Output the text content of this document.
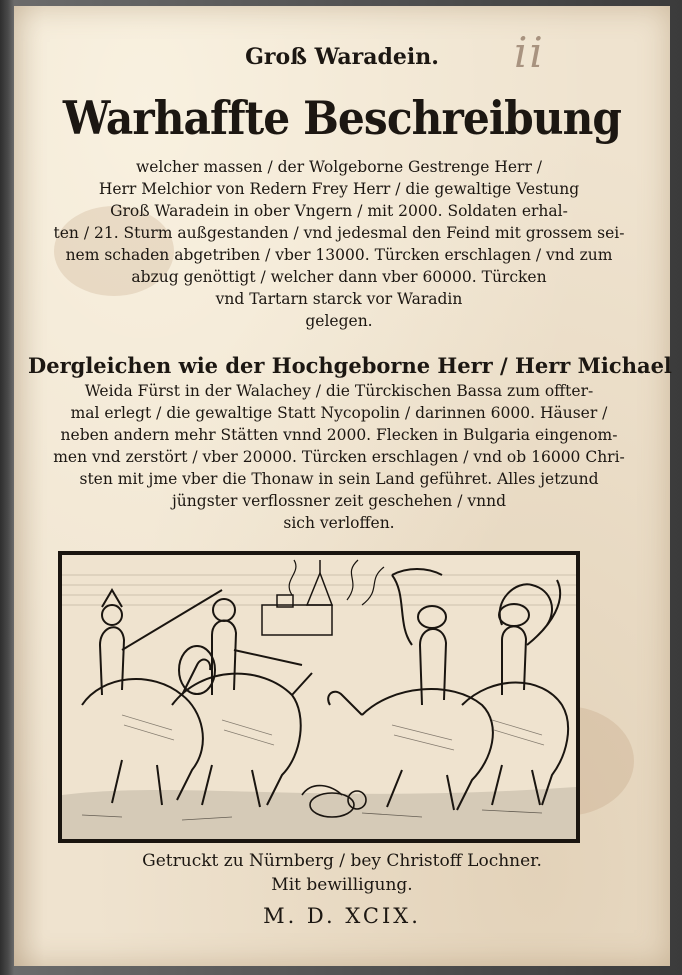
ii
Groß Waradein.
Warhaffte Beschreibung
welcher massen / der Wolgeborne Gestrenge Herr /
Herr Melchior von Redern Frey Herr / die gewaltige Vestung
Groß Waradein in ober Vngern / mit 2000. Soldaten erhal-
ten / 21. Sturm außgestanden / vnd jedesmal den Feind mit grossem sei-
nem schaden abgetriben / vber 13000. Türcken erschlagen / vnd zum
abzug genöttigt / welcher dann vber 60000. Türcken
vnd Tartarn starck vor Waradin
gelegen.
Dergleichen wie der Hochgeborne Herr / Herr Michael
Weida Fürst in der Walachey / die Türckischen Bassa zum offter-
mal erlegt / die gewaltige Statt Nycopolin / darinnen 6000. Häuser /
neben andern mehr Stätten vnnd 2000. Flecken in Bulgaria eingenom-
men vnd zerstört / vber 20000. Türcken erschlagen / vnd ob 16000 Chri-
sten mit jme vber die Thonaw in sein Land geführet. Alles jetzund
jüngster verflossner zeit geschehen / vnnd
sich verloffen.
Getruckt zu Nürnberg / bey Christoff Lochner.
Mit bewilligung.
M. D. XCIX.
